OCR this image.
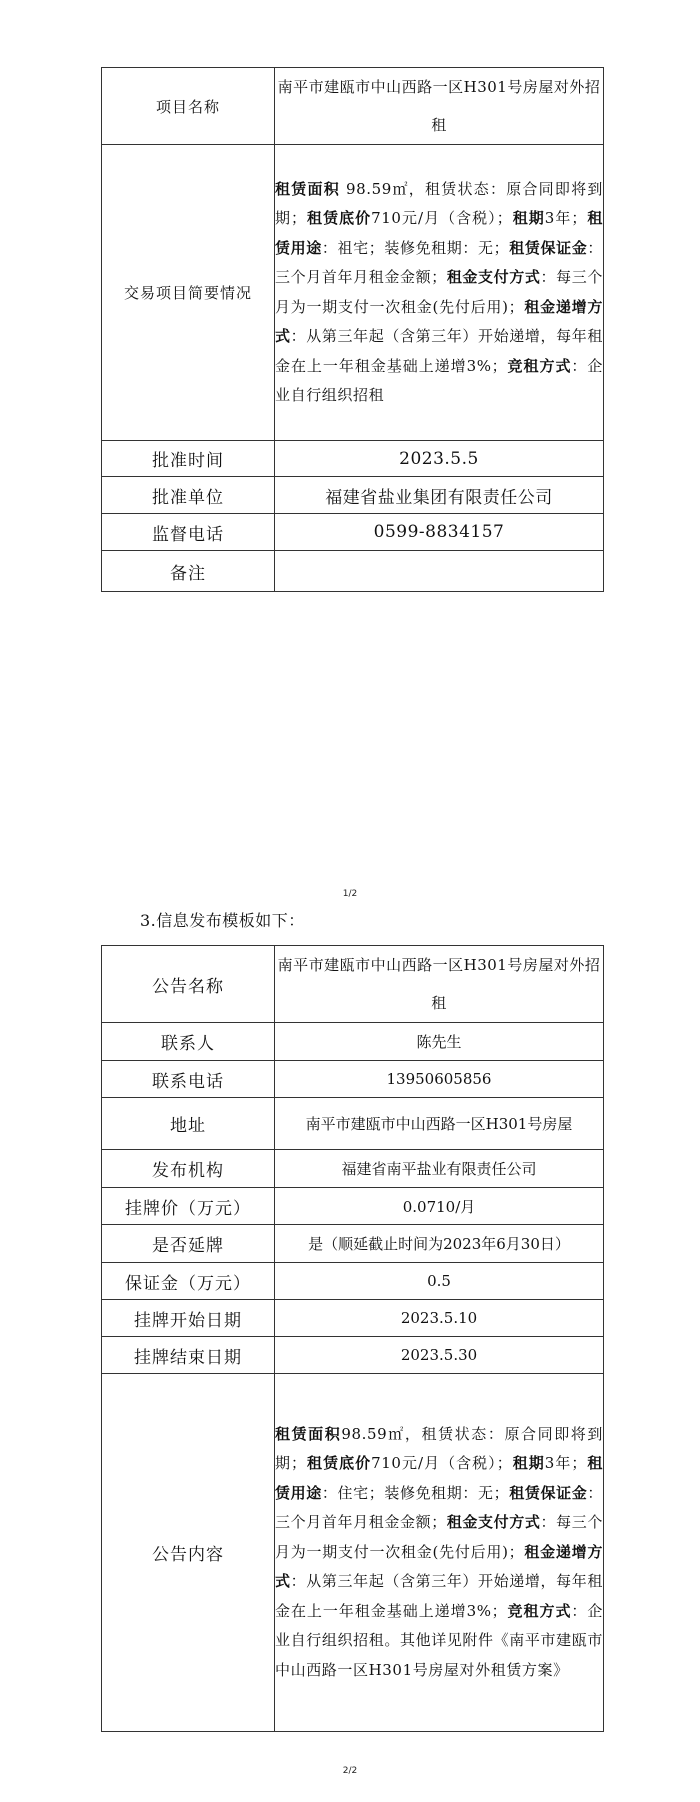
项目名称	南平市建瓯市中山西路一区H301号房屋对外招租
交易项目简要情况	租赁面积 98.59㎡，租赁状态：原合同即将到期；租赁底价710元/月（含税）；租期3年；租赁用途：祖宅；装修免租期：无；租赁保证金：三个月首年月租金金额；租金支付方式：每三个月为一期支付一次租金(先付后用)；租金递增方式：从第三年起（含第三年）开始递增，每年租金在上一年租金基础上递增3%；竞租方式：企业自行组织招租
批准时间	2023.5.5
批准单位	福建省盐业集团有限责任公司
监督电话	0599-8834157
备注	
1/2
3.信息发布模板如下：
公告名称	南平市建瓯市中山西路一区H301号房屋对外招租
联系人	陈先生
联系电话	13950605856
地址	南平市建瓯市中山西路一区H301号房屋
发布机构	福建省南平盐业有限责任公司
挂牌价（万元）	0.0710/月
是否延牌	是（顺延截止时间为2023年6月30日）
保证金（万元）	0.5
挂牌开始日期	2023.5.10
挂牌结束日期	2023.5.30
公告内容	租赁面积98.59㎡，租赁状态：原合同即将到期；租赁底价710元/月（含税）；租期3年；租赁用途：住宅；装修免租期：无；租赁保证金：三个月首年月租金金额；租金支付方式：每三个月为一期支付一次租金(先付后用)；租金递增方式：从第三年起（含第三年）开始递增，每年租金在上一年租金基础上递增3%；竞租方式：企业自行组织招租。其他详见附件《南平市建瓯市中山西路一区H301号房屋对外租赁方案》
2/2
